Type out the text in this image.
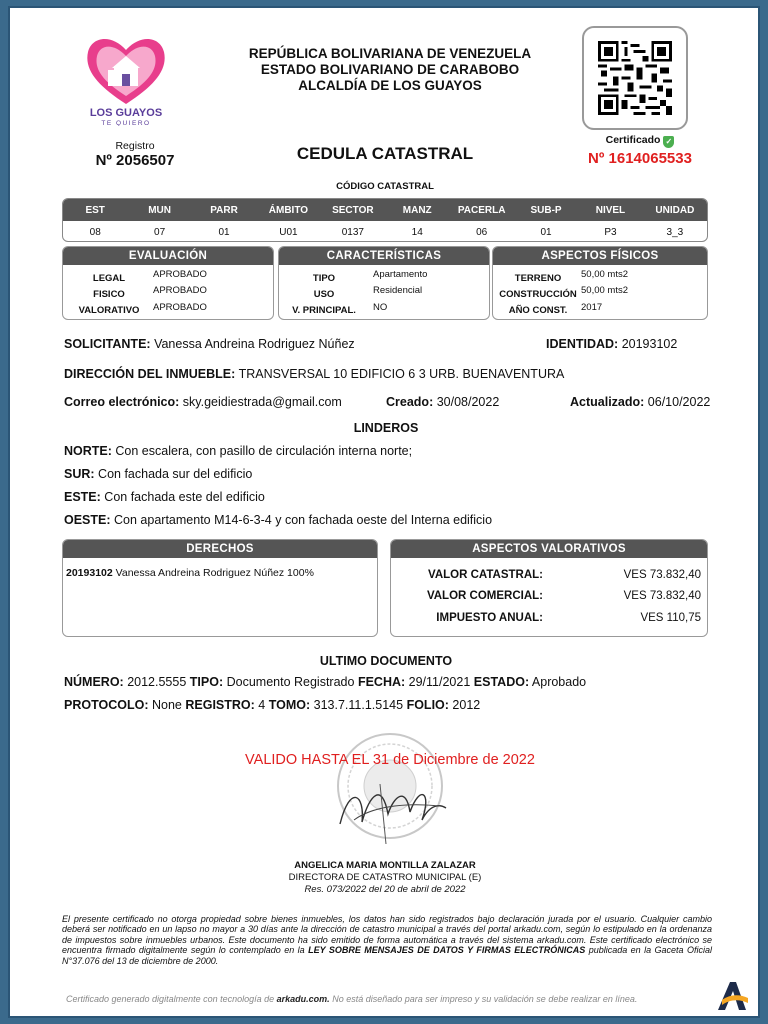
LOS GUAYOS
TE QUIERO
REPÚBLICA BOLIVARIANA DE VENEZUELA
ESTADO BOLIVARIANO DE CARABOBO
ALCALDÍA DE LOS GUAYOS
Registro
Nº 2056507	CEDULA CATASTRAL
Certificado ✓
Nº 1614065533
CÓDIGO CATASTRAL
EST	MUN	PARR	ÁMBITO	SECTOR	MANZ	PACERLA	SUB-P	NIVEL	UNIDAD
08	07	01	U01	0137	14	06	01	P3	3_3
EVALUACIÓN
LEGAL	APROBADO
FISICO	APROBADO
VALORATIVO	APROBADO
CARACTERÍSTICAS
TIPO	Apartamento
USO	Residencial
V. PRINCIPAL.	NO
ASPECTOS FÍSICOS
TERRENO	50,00 mts2
CONSTRUCCIÓN 50,00 mts2
AÑO CONST.	2017
SOLICITANTE: Vanessa Andreina Rodriguez Núñez	IDENTIDAD: 20193102
DIRECCIÓN DEL INMUEBLE: TRANSVERSAL 10 EDIFICIO 6 3 URB. BUENAVENTURA
Correo electrónico: sky.geidiestrada@gmail.com	Creado: 30/08/2022	Actualizado: 06/10/2022
LINDEROS
NORTE: Con escalera, con pasillo de circulación interna norte;
SUR: Con fachada sur del edificio
ESTE: Con fachada este del edificio
OESTE: Con apartamento M14-6-3-4 y con fachada oeste del Interna edificio
DERECHOS
20193102 Vanessa Andreina Rodriguez Núñez 100%
ASPECTOS VALORATIVOS
VALOR CATASTRAL:	VES 73.832,40
VALOR COMERCIAL:	VES 73.832,40
IMPUESTO ANUAL:	VES 110,75
ULTIMO DOCUMENTO
NÚMERO: 2012.5555 TIPO: Documento Registrado FECHA: 29/11/2021 ESTADO: Aprobado
PROTOCOLO: None REGISTRO: 4 TOMO: 313.7.11.1.5145 FOLIO: 2012
VALIDO HASTA EL 31 de Diciembre de 2022
ANGELICA MARIA MONTILLA ZALAZAR
DIRECTORA DE CATASTRO MUNICIPAL (E)
Res. 073/2022 del 20 de abril de 2022
El presente certificado no otorga propiedad sobre bienes inmuebles, los datos han sido registrados bajo declaración jurada por el usuario. Cualquier cambio deberá ser notificado en un lapso no mayor a 30 días ante la dirección de catastro municipal a través del portal arkadu.com, según lo estipulado en la ordenanza de impuestos sobre inmuebles urbanos. Este documento ha sido emitido de forma automática a través del sistema arkadu.com. Este certificado electrónico se encuentra firmado digitalmente según lo contemplado en la LEY SOBRE MENSAJES DE DATOS Y FIRMAS ELECTRÓNICAS publicada en la Gaceta Oficial N°37.076 del 13 de diciembre de 2000.
Certificado generado digitalmente con tecnología de arkadu.com. No está diseñado para ser impreso y su validación se debe realizar en línea.
